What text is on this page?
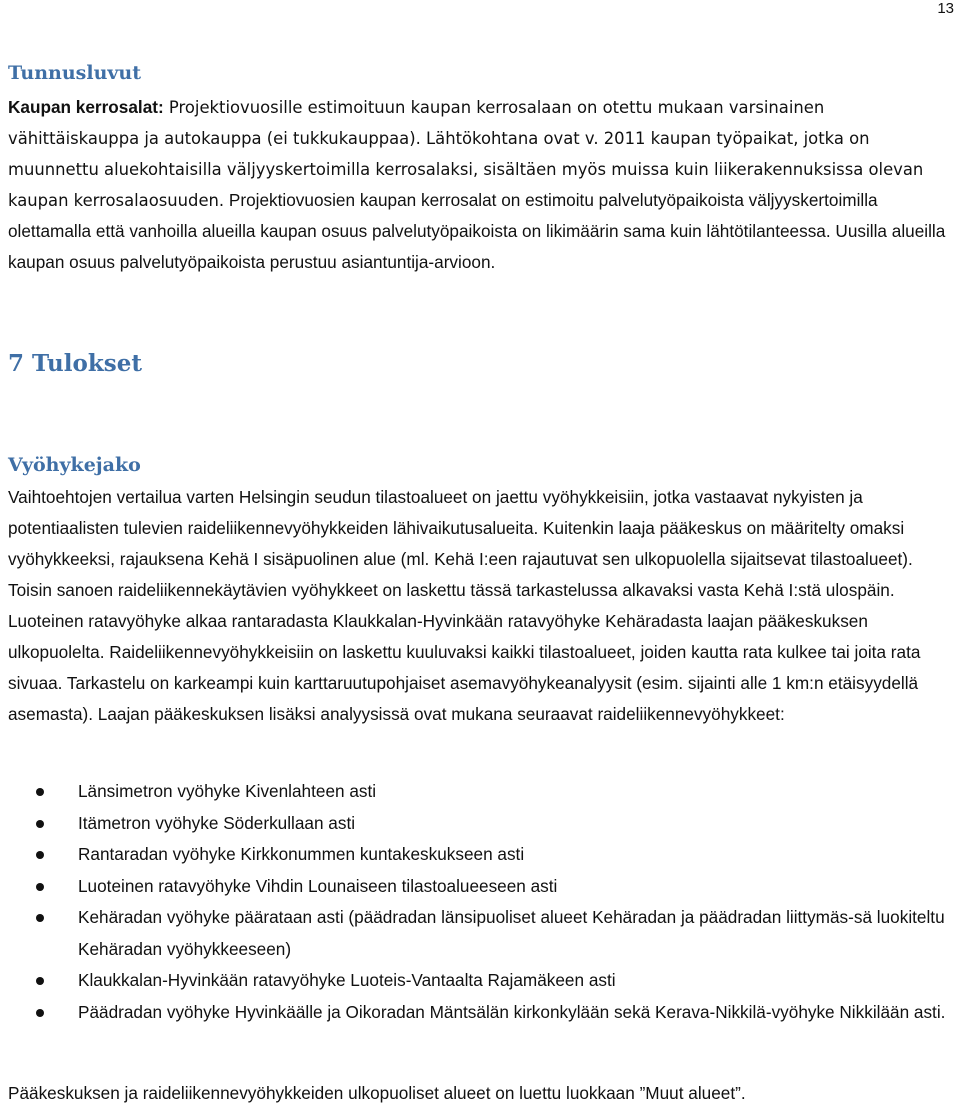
13
Tunnusluvut

Kaupan kerrosalat: Projektiovuosille estimoituun kaupan kerrosalaan on otettu mukaan varsinainen vähittäiskauppa ja autokauppa (ei tukkukauppaa). Lähtökohtana ovat v. 2011 kaupan työpaikat, jotka on muunnettu aluekohtaisilla väljyyskertoimilla kerrosalaksi, sisältäen myös muissa kuin liikerakennuksissa olevan kaupan kerrosalaosuuden. Projektiovuosien kaupan kerrosalat on estimoitu palvelutyöpaikoista väljyyskertoimilla olettamalla että vanhoilla alueilla kaupan osuus palvelutyöpaikoista on likimäärin sama kuin lähtötilanteessa. Uusilla alueilla kaupan osuus palvelutyöpaikoista perustuu asiantuntija-arvioon.

7 Tulokset
Vyöhykejako

Vaihtoehtojen vertailua varten Helsingin seudun tilastoalueet on jaettu vyöhykkeisiin, jotka vastaavat nykyisten ja potentiaalisten tulevien raideliikennevyöhykkeiden lähivaikutusalueita. Kuitenkin laaja pääkeskus on määritelty omaksi vyöhykkeeksi, rajauksena Kehä I sisäpuolinen alue (ml. Kehä I:een rajautuvat sen ulkopuolella sijaitsevat tilastoalueet). Toisin sanoen raideliikennekäytävien vyöhykkeet on laskettu tässä tarkastelussa alkavaksi vasta Kehä I:stä ulospäin. Luoteinen ratavyöhyke alkaa rantaradasta Klaukkalan-Hyvinkään ratavyöhyke Kehäradasta laajan pääkeskuksen ulkopuolelta. Raideliikennevyöhykkeisiin on laskettu kuuluvaksi kaikki tilastoalueet, joiden kautta rata kulkee tai joita rata sivuaa. Tarkastelu on karkeampi kuin karttaruutupohjaiset asemavyöhykeanalyysit (esim. sijainti alle 1 km:n etäisyydellä asemasta). Laajan pääkeskuksen lisäksi analyysissä ovat mukana seuraavat raideliikennevyöhykkeet:

Länsimetron vyöhyke Kivenlahteen asti
Itämetron vyöhyke Söderkullaan asti
Rantaradan vyöhyke Kirkkonummen kuntakeskukseen asti
Luoteinen ratavyöhyke Vihdin Lounaiseen tilastoalueeseen asti
Kehäradan vyöhyke päärataan asti (päädradan länsipuoliset alueet Kehäradan ja päädradan liittymäs-sä luokiteltu Kehäradan vyöhykkeeseen)
Klaukkalan-Hyvinkään ratavyöhyke Luoteis-Vantaalta Rajamäkeen asti
Päädradan vyöhyke Hyvinkäälle ja Oikoradan Mäntsälän kirkonkylään sekä Kerava-Nikkilä-vyöhyke Nikkilään asti.

Pääkeskuksen ja raideliikennevyöhykkeiden ulkopuoliset alueet on luettu luokkaan ”Muut alueet”.
